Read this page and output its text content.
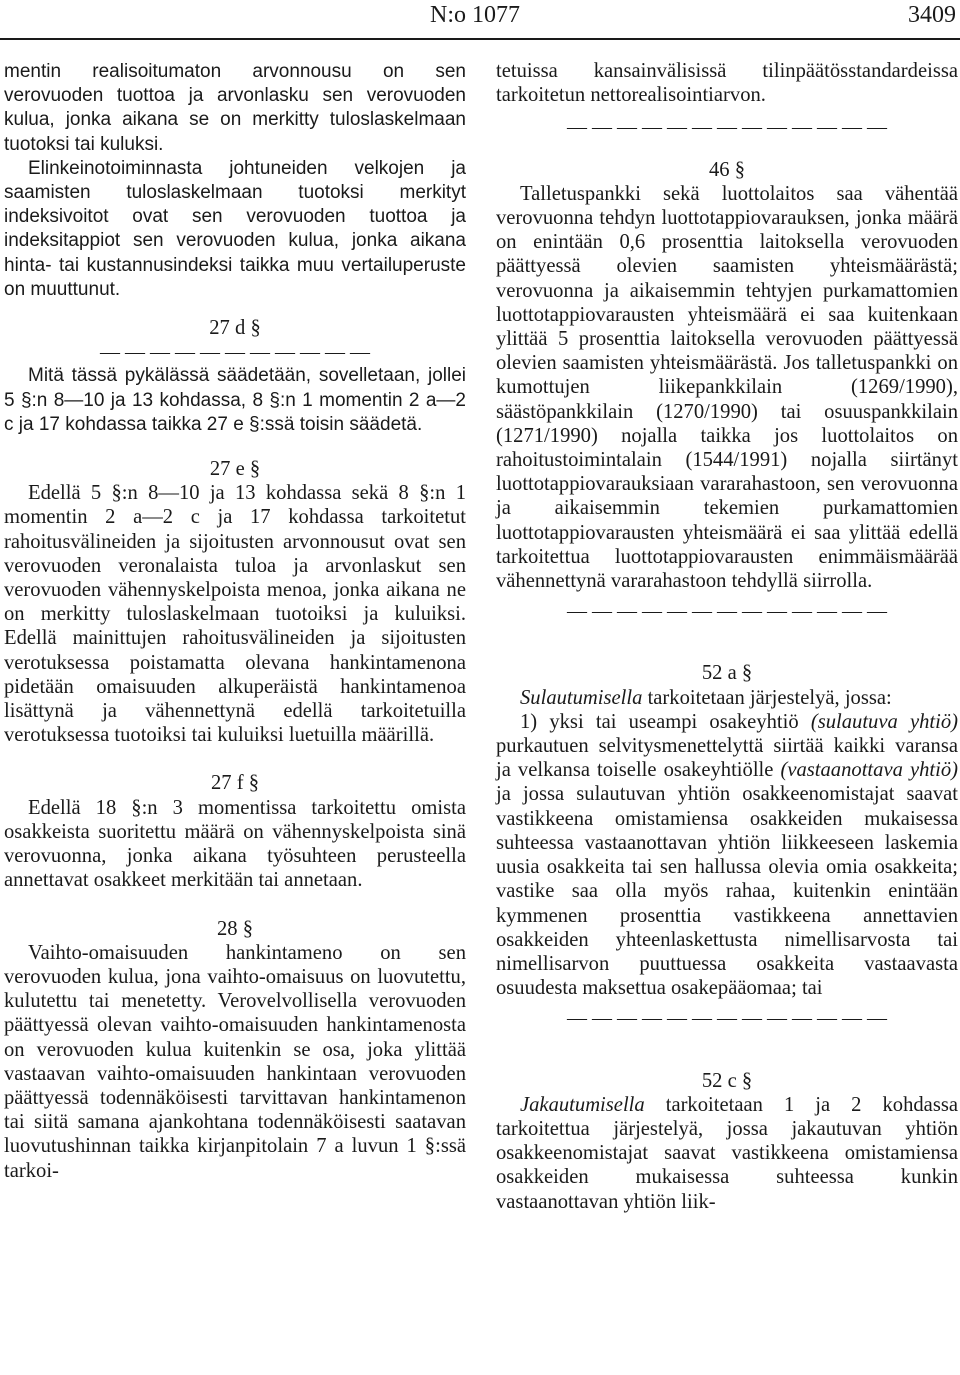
N:o 1077	3409

mentin realisoitumaton arvonnousu on sen verovuoden tuottoa ja arvonlasku sen verovuoden kulua, jonka aikana se on merkitty tuloslaskelmaan tuotoksi tai kuluksi.

Elinkeinotoiminnasta johtuneiden velkojen ja saamisten tuloslaskelmaan tuotoksi merkityt indeksivoitot ovat sen verovuoden tuottoa ja indeksitappiot sen verovuoden kulua, jonka aikana hinta- tai kustannusindeksi taikka muu vertailuperuste on muuttunut.

27 d §

— — — — — — — — — — —

Mitä tässä pykälässä säädetään, sovelletaan, jollei 5 §:n 8—10 ja 13 kohdassa, 8 §:n 1 momentin 2 a—2 c ja 17 kohdassa taikka 27 e §:ssä toisin säädetä.

27 e §

Edellä 5 §:n 8—10 ja 13 kohdassa sekä 8 §:n 1 momentin 2 a—2 c ja 17 kohdassa tarkoitetut rahoitusvälineiden ja sijoitusten arvonnousut ovat sen verovuoden veronalaista tuloa ja arvonlaskut sen verovuoden vähennyskelpoista menoa, jonka aikana ne on merkitty tuloslaskelmaan tuotoiksi ja kuluiksi. Edellä mainittujen rahoitusvälineiden ja sijoitusten verotuksessa poistamatta olevana hankintamenona pidetään omaisuuden alkuperäistä hankintamenoa lisättynä ja vähennettynä edellä tarkoitetuilla verotuksessa tuotoiksi tai kuluiksi luetuilla määrillä.

27 f §

Edellä 18 §:n 3 momentissa tarkoitettu omista osakkeista suoritettu määrä on vähennyskelpoista sinä verovuonna, jonka aikana työsuhteen perusteella annettavat osakkeet merkitään tai annetaan.

28 §

Vaihto-omaisuuden hankintameno on sen verovuoden kulua, jona vaihto-omaisuus on luovutettu, kulutettu tai menetetty. Verovelvollisella verovuoden päättyessä olevan vaihto-omaisuuden hankintamenosta on verovuoden kulua kuitenkin se osa, joka ylittää vastaavan vaihto-omaisuuden hankintaan verovuoden päättyessä todennäköisesti tarvittavan hankintamenon tai siitä samana ajankohtana todennäköisesti saatavan luovutushinnan taikka kirjanpitolain 7 a luvun 1 §:ssä tarkoi-

tetuissa kansainvälisissä tilinpäätösstandardeissa tarkoitetun nettorealisointiarvon.

— — — — — — — — — — — — —

46 §

Talletuspankki sekä luottolaitos saa vähentää verovuonna tehdyn luottotappiovarauksen, jonka määrä on enintään 0,6 prosenttia laitoksella verovuoden päättyessä olevien saamisten yhteismäärästä; verovuonna ja aikaisemmin tehtyjen purkamattomien luottotappiovarausten yhteismäärä ei saa kuitenkaan ylittää 5 prosenttia laitoksella verovuoden päättyessä olevien saamisten yhteismäärästä. Jos talletuspankki on kumottujen liikepankkilain (1269/1990), säästöpankkilain (1270/1990) tai osuuspankkilain (1271/1990) nojalla taikka jos luottolaitos on rahoitustoimintalain (1544/1991) nojalla siirtänyt luottotappiovarauksiaan vararahastoon, sen verovuonna ja aikaisemmin tekemien purkamattomien luottotappiovarausten yhteismäärä ei saa ylittää edellä tarkoitettua luottotappiovarausten enimmäismäärää vähennettynä vararahastoon tehdyllä siirrolla.

— — — — — — — — — — — — —

52 a §

Sulautumisella tarkoitetaan järjestelyä, jossa:

1) yksi tai useampi osakeyhtiö (sulautuva yhtiö) purkautuen selvitysmenettelyttä siirtää kaikki varansa ja velkansa toiselle osakeyhtiölle (vastaanottava yhtiö) ja jossa sulautuvan yhtiön osakkeenomistajat saavat vastikkeena omistamiensa osakkeiden mukaisessa suhteessa vastaanottavan yhtiön liikkeeseen laskemia uusia osakkeita tai sen hallussa olevia omia osakkeita; vastike saa olla myös rahaa, kuitenkin enintään kymmenen prosenttia vastikkeena annettavien osakkeiden yhteenlaskettusta nimellisarvosta tai nimellisarvon puuttuessa osakkeita vastaavasta osuudesta maksettua osakepääomaa; tai

— — — — — — — — — — — — —

52 c §

Jakautumisella tarkoitetaan 1 ja 2 kohdassa tarkoitettua järjestelyä, jossa jakautuvan yhtiön osakkeenomistajat saavat vastikkeena omistamiensa osakkeiden mukaisessa suhteessa kunkin vastaanottavan yhtiön liik-
